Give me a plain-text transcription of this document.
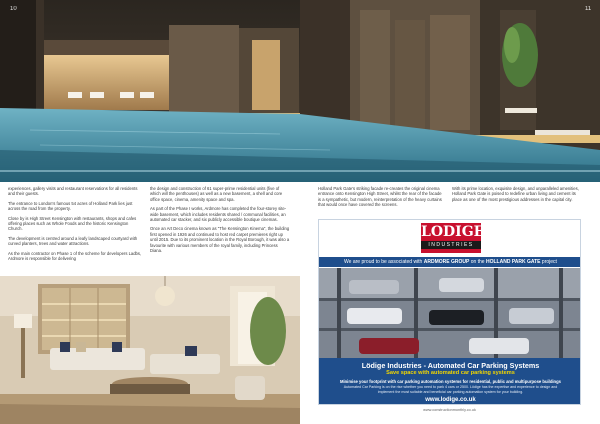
10	11

experiences, gallery visits and restaurant reservations for all residents and their guests.

The entrance to London's famous 54 acres of Holland Park lies just across the road from the property.

Close by is High Street Kensington with restaurants, shops and cafes offering places such as Whole Foods and the historic Kensington Church.

The development is centred around a leafy landscaped courtyard with curved planters, trees and water attractions.

As the main contractor on Phase 1 of the scheme for developers Ladbs, Ardmore is responsible for delivering

the design and construction of 61 super-prime residential units (five of which will the penthouses) as well as a new basement, a shell and core office space, cinema, amenity space and spa.

As part of the Phase I works, Ardmore has completed the four-storey site-wide basement, which includes residents shared / communal facilities, an automated car stacker, and six publicly accessible boutique cinemas.

Once an Art Deco cinema known as "The Kensington Kinema", the building first opened in 1926 and continued to host red carpet premieres right up until 2015. Due to its prominent location in the Royal Borough, it was also a favourite with various members of the royal family, including Princess Diana.

Holland Park Gate's striking facade re-creates the original cinema entrance onto Kensington High Street, whilst the rear of the facade is a sympathetic, but modern, reinterpretation of the heavy curtains that would once have covered the screens.

With its prime location, exquisite design, and unparalleled amenities, Holland Park Gate is poised to redefine urban living and cement its place as one of the most prestigious addresses in the capital city.

LODIGE
INDUSTRIES
We are proud to be associated with ARDMORE GROUP on the HOLLAND PARK GATE project
Lödige Industries - Automated Car Parking Systems
Save space with automated car parking systems
Minimise your footprint with car parking automation systems for residential, public and multipurpose buildings
Automated Car Parking is on the rise whether you need to park 4 cars or 2500. Lödige has the expertise and experience to design and implement the most suitable and beneficial car parking automation system for your building.
www.lodige.co.uk
www.constructionmonthly.co.uk
